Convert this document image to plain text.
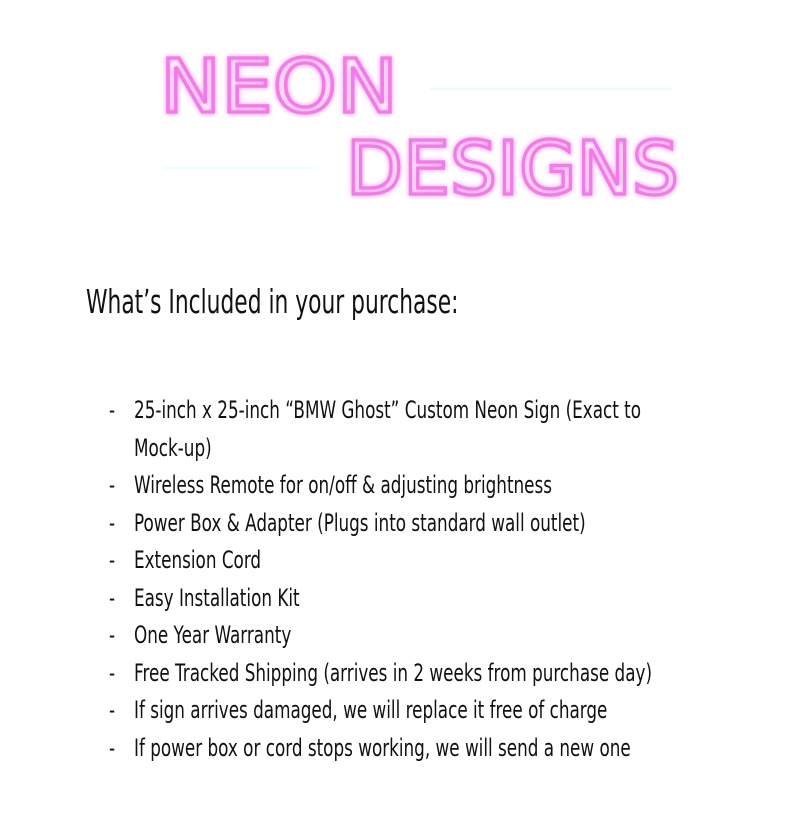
NEON
DESIGNS
What’s Included in your purchase:
- 25-inch x 25-inch “BMW Ghost” Custom Neon Sign (Exact to Mock-up)
- Wireless Remote for on/off & adjusting brightness
- Power Box & Adapter (Plugs into standard wall outlet)
- Extension Cord
- Easy Installation Kit
- One Year Warranty
- Free Tracked Shipping (arrives in 2 weeks from purchase day)
- If sign arrives damaged, we will replace it free of charge
- If power box or cord stops working, we will send a new one
